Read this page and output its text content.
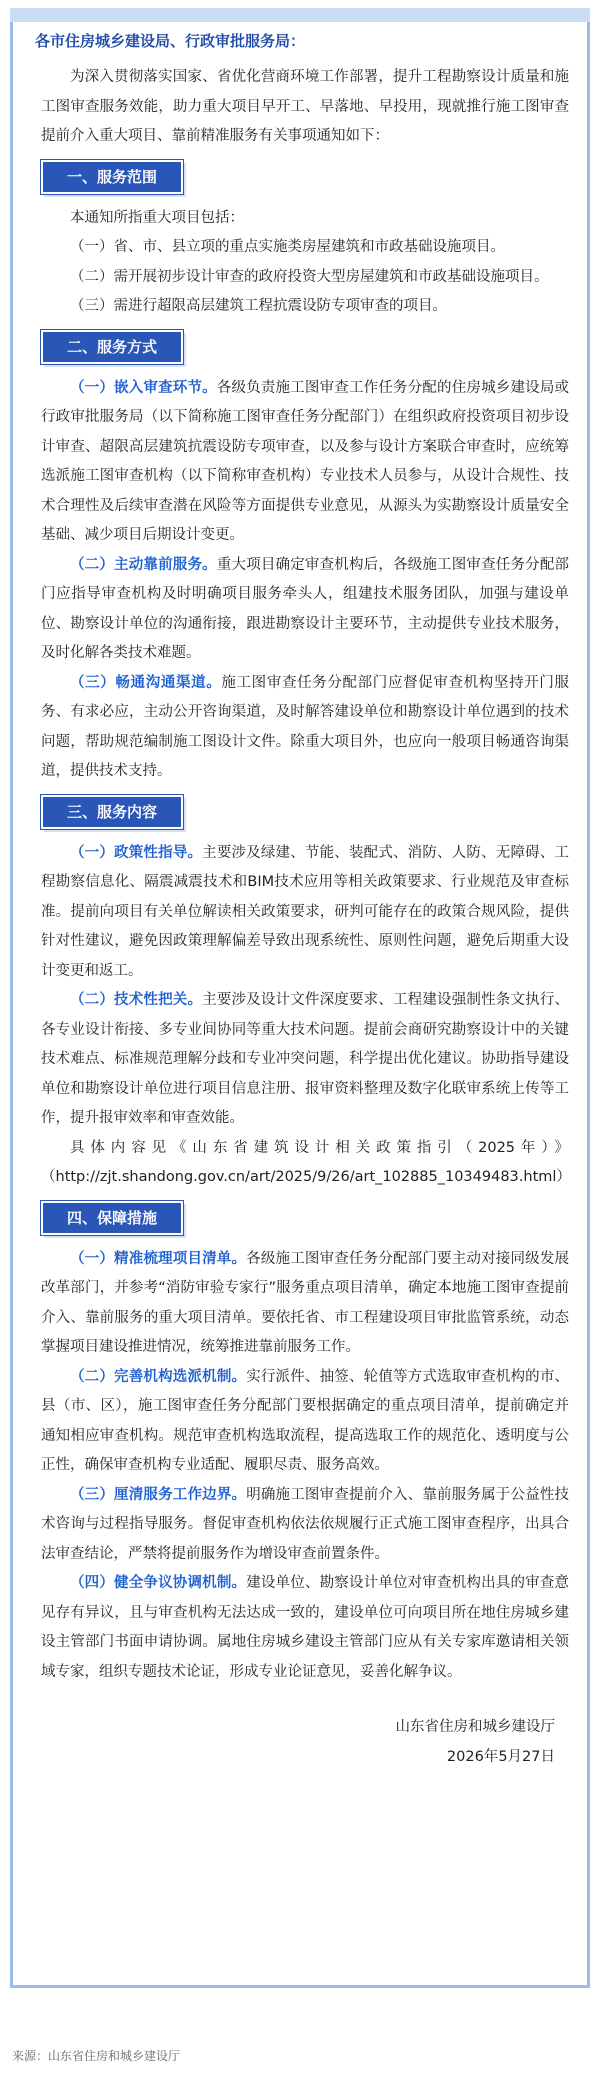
各市住房城乡建设局、行政审批服务局：

为深入贯彻落实国家、省优化营商环境工作部署，提升工程勘察设计质量和施工图审查服务效能，助力重大项目早开工、早落地、早投用，现就推行施工图审查提前介入重大项目、靠前精准服务有关事项通知如下：

一、服务范围

本通知所指重大项目包括：

（一）省、市、县立项的重点实施类房屋建筑和市政基础设施项目。

（二）需开展初步设计审查的政府投资大型房屋建筑和市政基础设施项目。

（三）需进行超限高层建筑工程抗震设防专项审查的项目。

二、服务方式

（一）嵌入审查环节。各级负责施工图审查工作任务分配的住房城乡建设局或行政审批服务局（以下简称施工图审查任务分配部门）在组织政府投资项目初步设计审查、超限高层建筑抗震设防专项审查，以及参与设计方案联合审查时，应统筹选派施工图审查机构（以下简称审查机构）专业技术人员参与，从设计合规性、技术合理性及后续审查潜在风险等方面提供专业意见，从源头为实勘察设计质量安全基础、减少项目后期设计变更。

（二）主动靠前服务。重大项目确定审查机构后，各级施工图审查任务分配部门应指导审查机构及时明确项目服务牵头人，组建技术服务团队，加强与建设单位、勘察设计单位的沟通衔接，跟进勘察设计主要环节，主动提供专业技术服务，及时化解各类技术难题。

（三）畅通沟通渠道。施工图审查任务分配部门应督促审查机构坚持开门服务、有求必应，主动公开咨询渠道，及时解答建设单位和勘察设计单位遇到的技术问题，帮助规范编制施工图设计文件。除重大项目外，也应向一般项目畅通咨询渠道，提供技术支持。

三、服务内容

（一）政策性指导。主要涉及绿建、节能、装配式、消防、人防、无障碍、工程勘察信息化、隔震减震技术和BIM技术应用等相关政策要求、行业规范及审查标准。提前向项目有关单位解读相关政策要求，研判可能存在的政策合规风险，提供针对性建议，避免因政策理解偏差导致出现系统性、原则性问题，避免后期重大设计变更和返工。

（二）技术性把关。主要涉及设计文件深度要求、工程建设强制性条文执行、各专业设计衔接、多专业间协同等重大技术问题。提前会商研究勘察设计中的关键技术难点、标准规范理解分歧和专业冲突问题，科学提出优化建议。协助指导建设单位和勘察设计单位进行项目信息注册、报审资料整理及数字化联审系统上传等工作，提升报审效率和审查效能。

具体内容见《山东省建筑设计相关政策指引（2025年）》（http://zjt.shandong.gov.cn/art/2025/9/26/art_102885_10349483.html）

四、保障措施

（一）精准梳理项目清单。各级施工图审查任务分配部门要主动对接同级发展改革部门，并参考“消防审验专家行”服务重点项目清单，确定本地施工图审查提前介入、靠前服务的重大项目清单。要依托省、市工程建设项目审批监管系统，动态掌握项目建设推进情况，统筹推进靠前服务工作。

（二）完善机构选派机制。实行派件、抽签、轮值等方式选取审查机构的市、县（市、区），施工图审查任务分配部门要根据确定的重点项目清单，提前确定并通知相应审查机构。规范审查机构选取流程，提高选取工作的规范化、透明度与公正性，确保审查机构专业适配、履职尽责、服务高效。

（三）厘清服务工作边界。明确施工图审查提前介入、靠前服务属于公益性技术咨询与过程指导服务。督促审查机构依法依规履行正式施工图审查程序，出具合法审查结论，严禁将提前服务作为增设审查前置条件。

（四）健全争议协调机制。建设单位、勘察设计单位对审查机构出具的审查意见存有异议，且与审查机构无法达成一致的，建设单位可向项目所在地住房城乡建设主管部门书面申请协调。属地住房城乡建设主管部门应从有关专家库邀请相关领域专家，组织专题技术论证，形成专业论证意见，妥善化解争议。

山东省住房和城乡建设厅

2026年5月27日

来源：山东省住房和城乡建设厅
